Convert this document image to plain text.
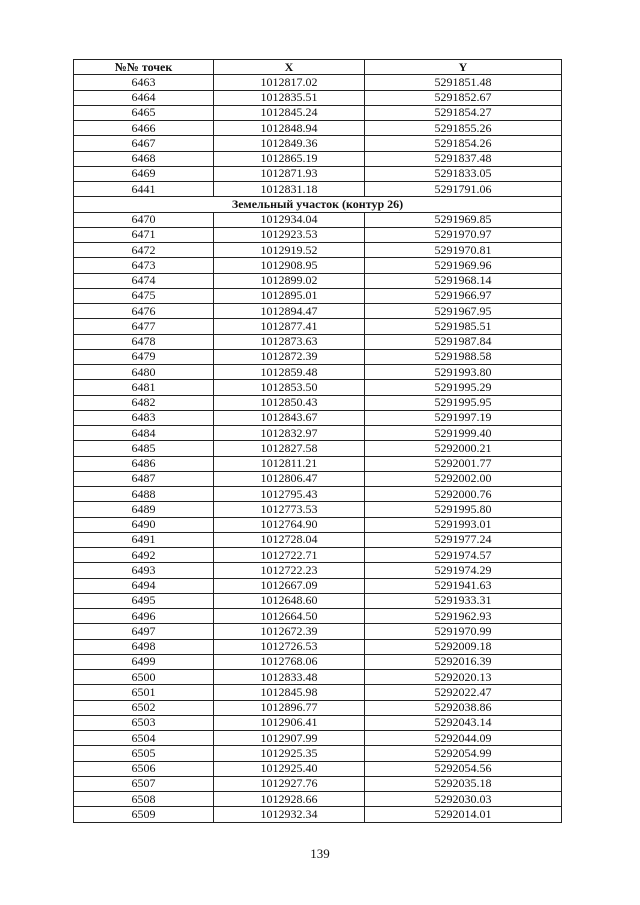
№№ точек	X	Y
6463	1012817.02	5291851.48
6464	1012835.51	5291852.67
6465	1012845.24	5291854.27
6466	1012848.94	5291855.26
6467	1012849.36	5291854.26
6468	1012865.19	5291837.48
6469	1012871.93	5291833.05
6441	1012831.18	5291791.06
Земельный участок (контур 26)		
6470	1012934.04	5291969.85
6471	1012923.53	5291970.97
6472	1012919.52	5291970.81
6473	1012908.95	5291969.96
6474	1012899.02	5291968.14
6475	1012895.01	5291966.97
6476	1012894.47	5291967.95
6477	1012877.41	5291985.51
6478	1012873.63	5291987.84
6479	1012872.39	5291988.58
6480	1012859.48	5291993.80
6481	1012853.50	5291995.29
6482	1012850.43	5291995.95
6483	1012843.67	5291997.19
6484	1012832.97	5291999.40
6485	1012827.58	5292000.21
6486	1012811.21	5292001.77
6487	1012806.47	5292002.00
6488	1012795.43	5292000.76
6489	1012773.53	5291995.80
6490	1012764.90	5291993.01
6491	1012728.04	5291977.24
6492	1012722.71	5291974.57
6493	1012722.23	5291974.29
6494	1012667.09	5291941.63
6495	1012648.60	5291933.31
6496	1012664.50	5291962.93
6497	1012672.39	5291970.99
6498	1012726.53	5292009.18
6499	1012768.06	5292016.39
6500	1012833.48	5292020.13
6501	1012845.98	5292022.47
6502	1012896.77	5292038.86
6503	1012906.41	5292043.14
6504	1012907.99	5292044.09
6505	1012925.35	5292054.99
6506	1012925.40	5292054.56
6507	1012927.76	5292035.18
6508	1012928.66	5292030.03
6509	1012932.34	5292014.01
139
